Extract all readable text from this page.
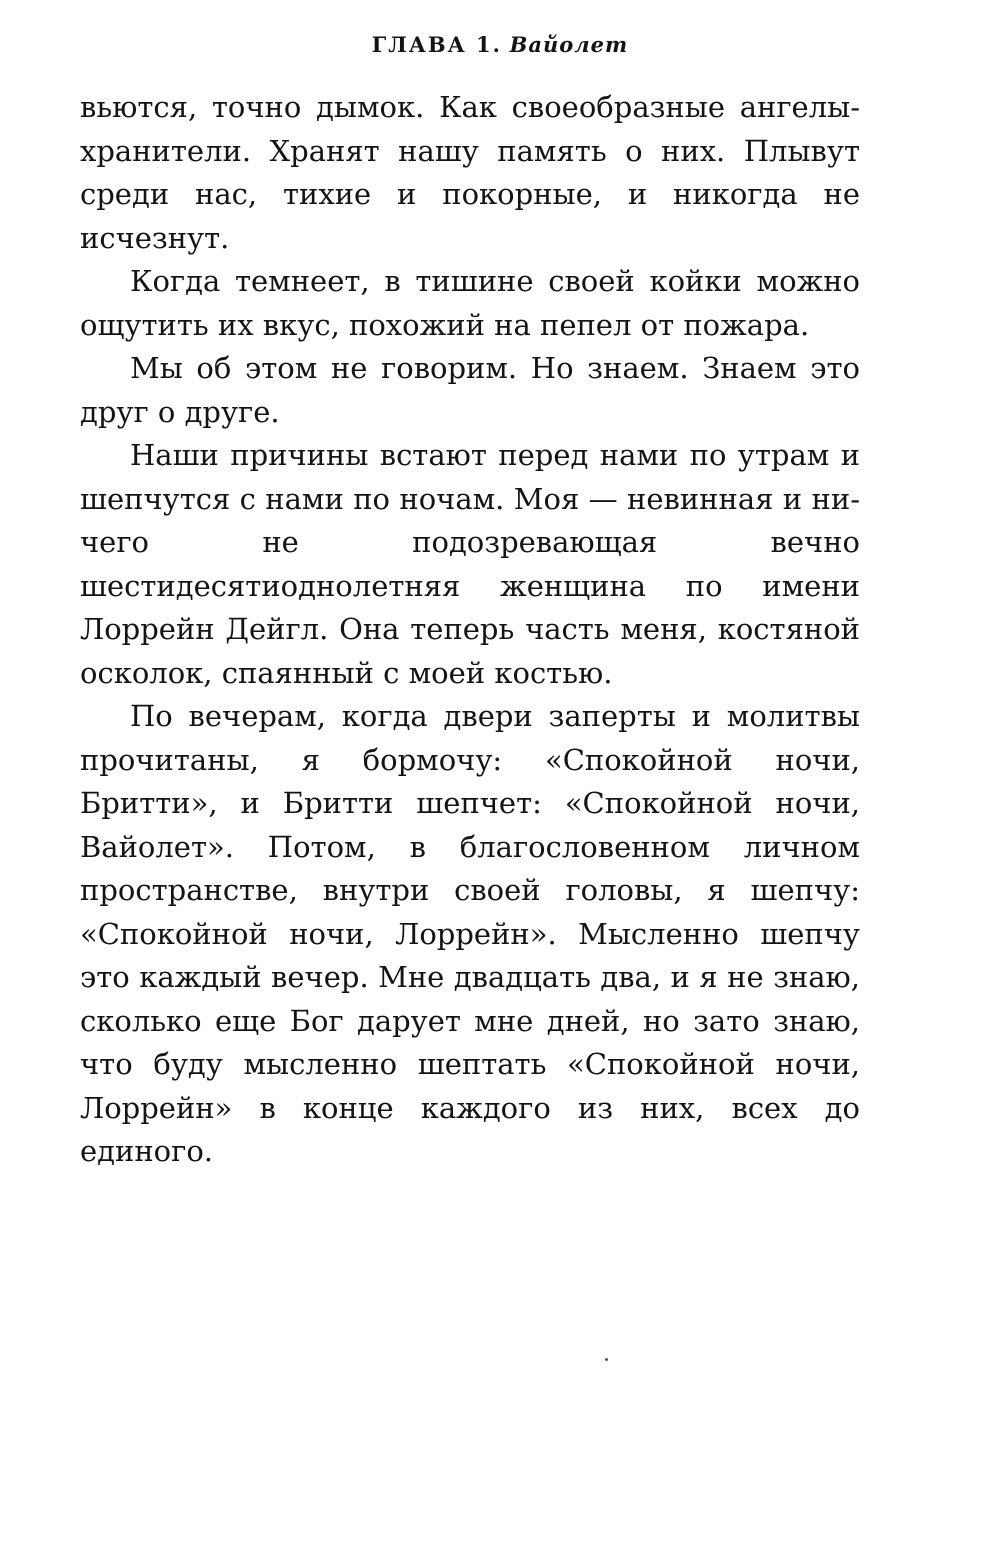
ГЛАВА 1. Вайолет

вьются, точно дымок. Как своеобразные ангелы-хранители. Хранят нашу память о них. Плывут среди нас, тихие и покорные, и никогда не исчезнут.

Когда темнеет, в тишине своей койки можно ощутить их вкус, похожий на пепел от пожара.

Мы об этом не говорим. Но знаем. Знаем это друг о друге.

Наши причины встают перед нами по утрам и шепчутся с нами по ночам. Моя — невинная и ничего не подозревающая вечно шестидесятиоднолетняя женщина по имени Лоррейн Дейгл. Она теперь часть меня, костяной осколок, спаянный с моей костью.

По вечерам, когда двери заперты и молитвы прочитаны, я бормочу: «Спокойной ночи, Бритти», и Бритти шепчет: «Спокойной ночи, Вайолет». Потом, в благословенном личном пространстве, внутри своей головы, я шепчу: «Спокойной ночи, Лоррейн». Мысленно шепчу это каждый вечер. Мне двадцать два, и я не знаю, сколько еще Бог дарует мне дней, но зато знаю, что буду мысленно шептать «Спокойной ночи, Лоррейн» в конце каждого из них, всех до единого.
